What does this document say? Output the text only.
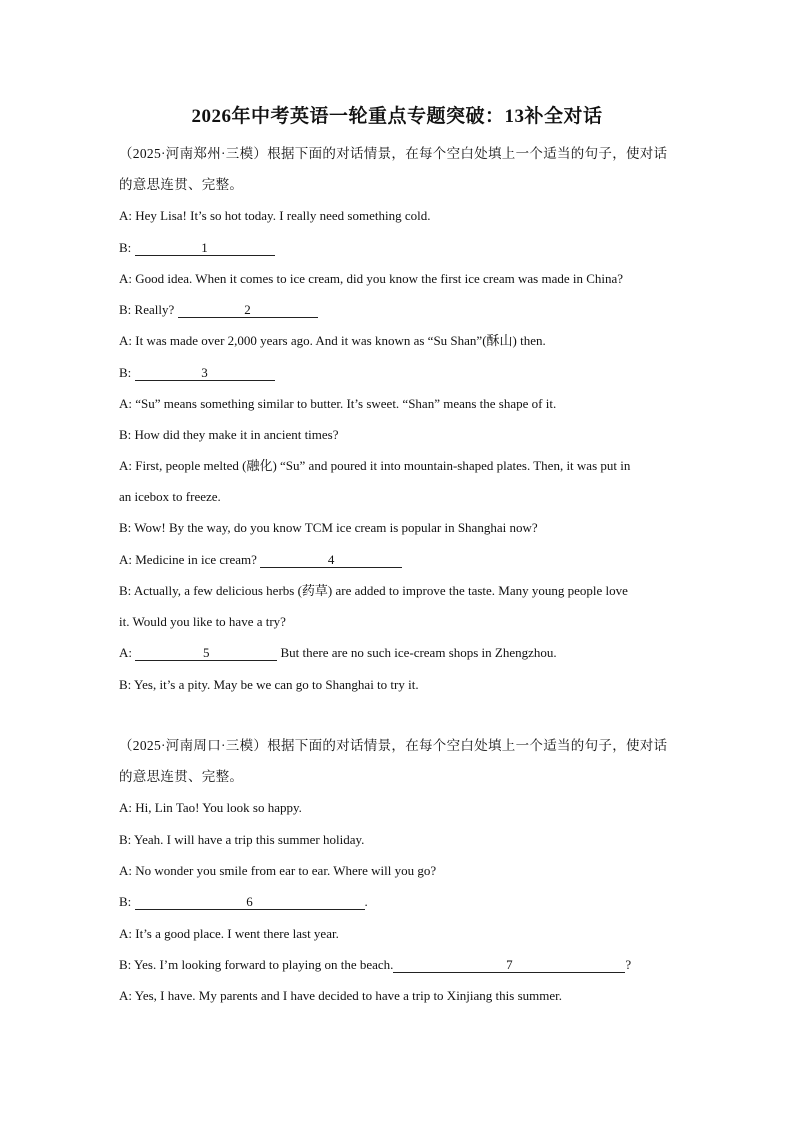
2026年中考英语一轮重点专题突破：13补全对话

（2025·河南郑州·三模）根据下面的对话情景，在每个空白处填上一个适当的句子，使对话

的意思连贯、完整。

A: Hey Lisa! It’s so hot today. I really need something cold.

B:	1

A: Good idea. When it comes to ice cream, did you know the first ice cream was made in China?

B: Really?	2

A: It was made over 2,000 years ago. And it was known as “Su Shan”(酥山) then.

B:	3

A: “Su” means something similar to butter. It’s sweet. “Shan” means the shape of it.

B: How did they make it in ancient times?

A: First, people melted (融化) “Su” and poured it into mountain-shaped plates. Then, it was put in

an icebox to freeze.

B: Wow! By the way, do you know TCM ice cream is popular in Shanghai now?

A: Medicine in ice cream?	4

B: Actually, a few delicious herbs (药草) are added to improve the taste. Many young people love

it. Would you like to have a try?

A:	5	But there are no such ice-cream shops in Zhengzhou.

B: Yes, it’s a pity. May be we can go to Shanghai to try it.

（2025·河南周口·三模）根据下面的对话情景，在每个空白处填上一个适当的句子，使对话

的意思连贯、完整。

A: Hi, Lin Tao! You look so happy.

B: Yeah. I will have a trip this summer holiday.

A: No wonder you smile from ear to ear. Where will you go?

B:	6	.

A: It’s a good place. I went there last year.

B: Yes. I’m looking forward to playing on the beach.	7	?

A: Yes, I have. My parents and I have decided to have a trip to Xinjiang this summer.
